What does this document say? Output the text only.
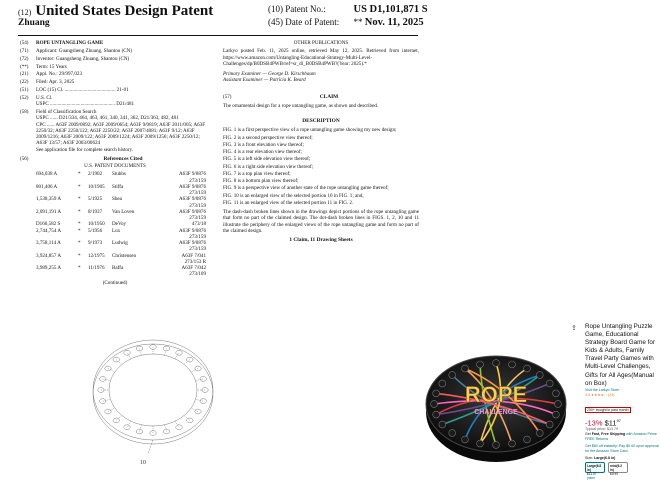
(12) United States Design Patent
Zhuang
(10) Patent No.:	US D1,101,871 S
(45) Date of Patent: ** Nov. 11, 2025
(54)	ROPE UNTANGLING GAME
(71)	Applicant: Guangsheng Zhuang, Shantou (CN)
(72)	Inventor: Guangsheng Zhuang, Shantou (CN)
(**)	Term: 15 Years
(21)	Appl. No.: 29/997,023
(22)	Filed: Apr. 3, 2025
(51)	LOC (15) Cl. ........................................ 21-01
(52)	U.S. Cl.
USPC ................................................... D21/481
(58)	Field of Classification Search
USPC ...... D21/334, 464, 463, 461, 340, 341, 362, D21/363, 482, 481
CPC ...... A63F 2009/0892; A63F 2009/0654; A63F 9/0819; A63F 2011/005; A63F 2250/32; A63F 2250/122; A63F 2250/22; A63F 2007/4081; A63F 9/12; A63F 2009/1216; A63F 2009/122; A63F 2009/1224; A63F 2009/1256; A63F 2250/12; A63F 13/57; A63F 2003/00624
See application file for complete search history.
(56)	References Cited
U.S. PATENT DOCUMENTS
694,038 A	*	2/1902	Stubbs	A63F 9/0876
273/159
801,406 A	*	10/1905	Stiffa	A63F 9/0876
273/159
1,538,359 A	*	5/1925	Shea	A63F 9/0876
273/159
2,091,191 A	*	8/1937	Van Loven	A63F 9/0876
273/159
D160,582 S	*	10/1950	DeVoy	473/18
2,744,754 A	*	5/1956	Lux	A63F 9/0876
273/159
3,758,114 A	*	9/1973	Ludwig	A63F 9/0876
273/159
3,924,857 A	*	12/1975	Christensen	A63F 7/041
273/153 R
3,989,255 A	*	11/1976	Baffa	A63F 7/042
273/109
(Continued)
OTHER PUBLICATIONS
Larkyo posted Feb. 11, 2025 online, retrieved May 12, 2025. Retrieved from internet, https://www.amazon.com/Untangling-Educational-Strategy-Multi-Level-Challenges/dp/B0DSB4PWB/ref=sr_dl_B0DSB4PWB?(Year: 2025).*
Primary Examiner — George D. Kirschbaum
Assistant Examiner — Patricia K. Beard
(57)	CLAIM
The ornamental design for a rope untangling game, as shown and described.
DESCRIPTION
FIG. 1 is a first perspective view of a rope untangling game showing my new design;
FIG. 2 is a second perspective view thereof;
FIG. 3 is a front elevation view thereof;
FIG. 4 is a rear elevation view thereof;
FIG. 5 is a left side elevation view thereof;
FIG. 6 is a right side elevation view thereof;
FIG. 7 is a top plan view thereof;
FIG. 8 is a bottom plan view thereof;
FIG. 9 is a perspective view of another state of the rope untangling game thereof;
FIG. 10 is an enlarged view of the selected portion 10 in FIG. 1; and,
FIG. 11 is an enlarged view of the selected portion 11 in FIG. 2.
The dash-dash broken lines shown in the drawings depict portions of the rope untangling game that form no part of the claimed design. The dot-dash broken lines in FIGS. 1, 2, 10 and 11 illustrate the periphery of the enlarged views of the rope untangling game and form no part of the claimed design.
1 Claim, 11 Drawing Sheets
10
ROPE
CHALLENGE
⇪ Rope Untangling Puzzle Game, Educational Strategy Board Game for Kids & Adults, Family Travel Party Games with Multi-Level Challenges, Gifts for All Ages(Manual on Box)
Visit the Larkyo Store
4.5 ★★★★☆ (24)
200+ bought in past month
-13% $\$11^{97}$
Typical price: $13.79
Get Fast, Free Shipping with Amazon Prime
FREE Returns
Get $60 off instantly: Pay $0.00 upon approval for the Amazon Store Card.
Size: Large(6.8 in)
Large(6.8 in)
$11.97
prime
mini(6.2 in)
$9.99
